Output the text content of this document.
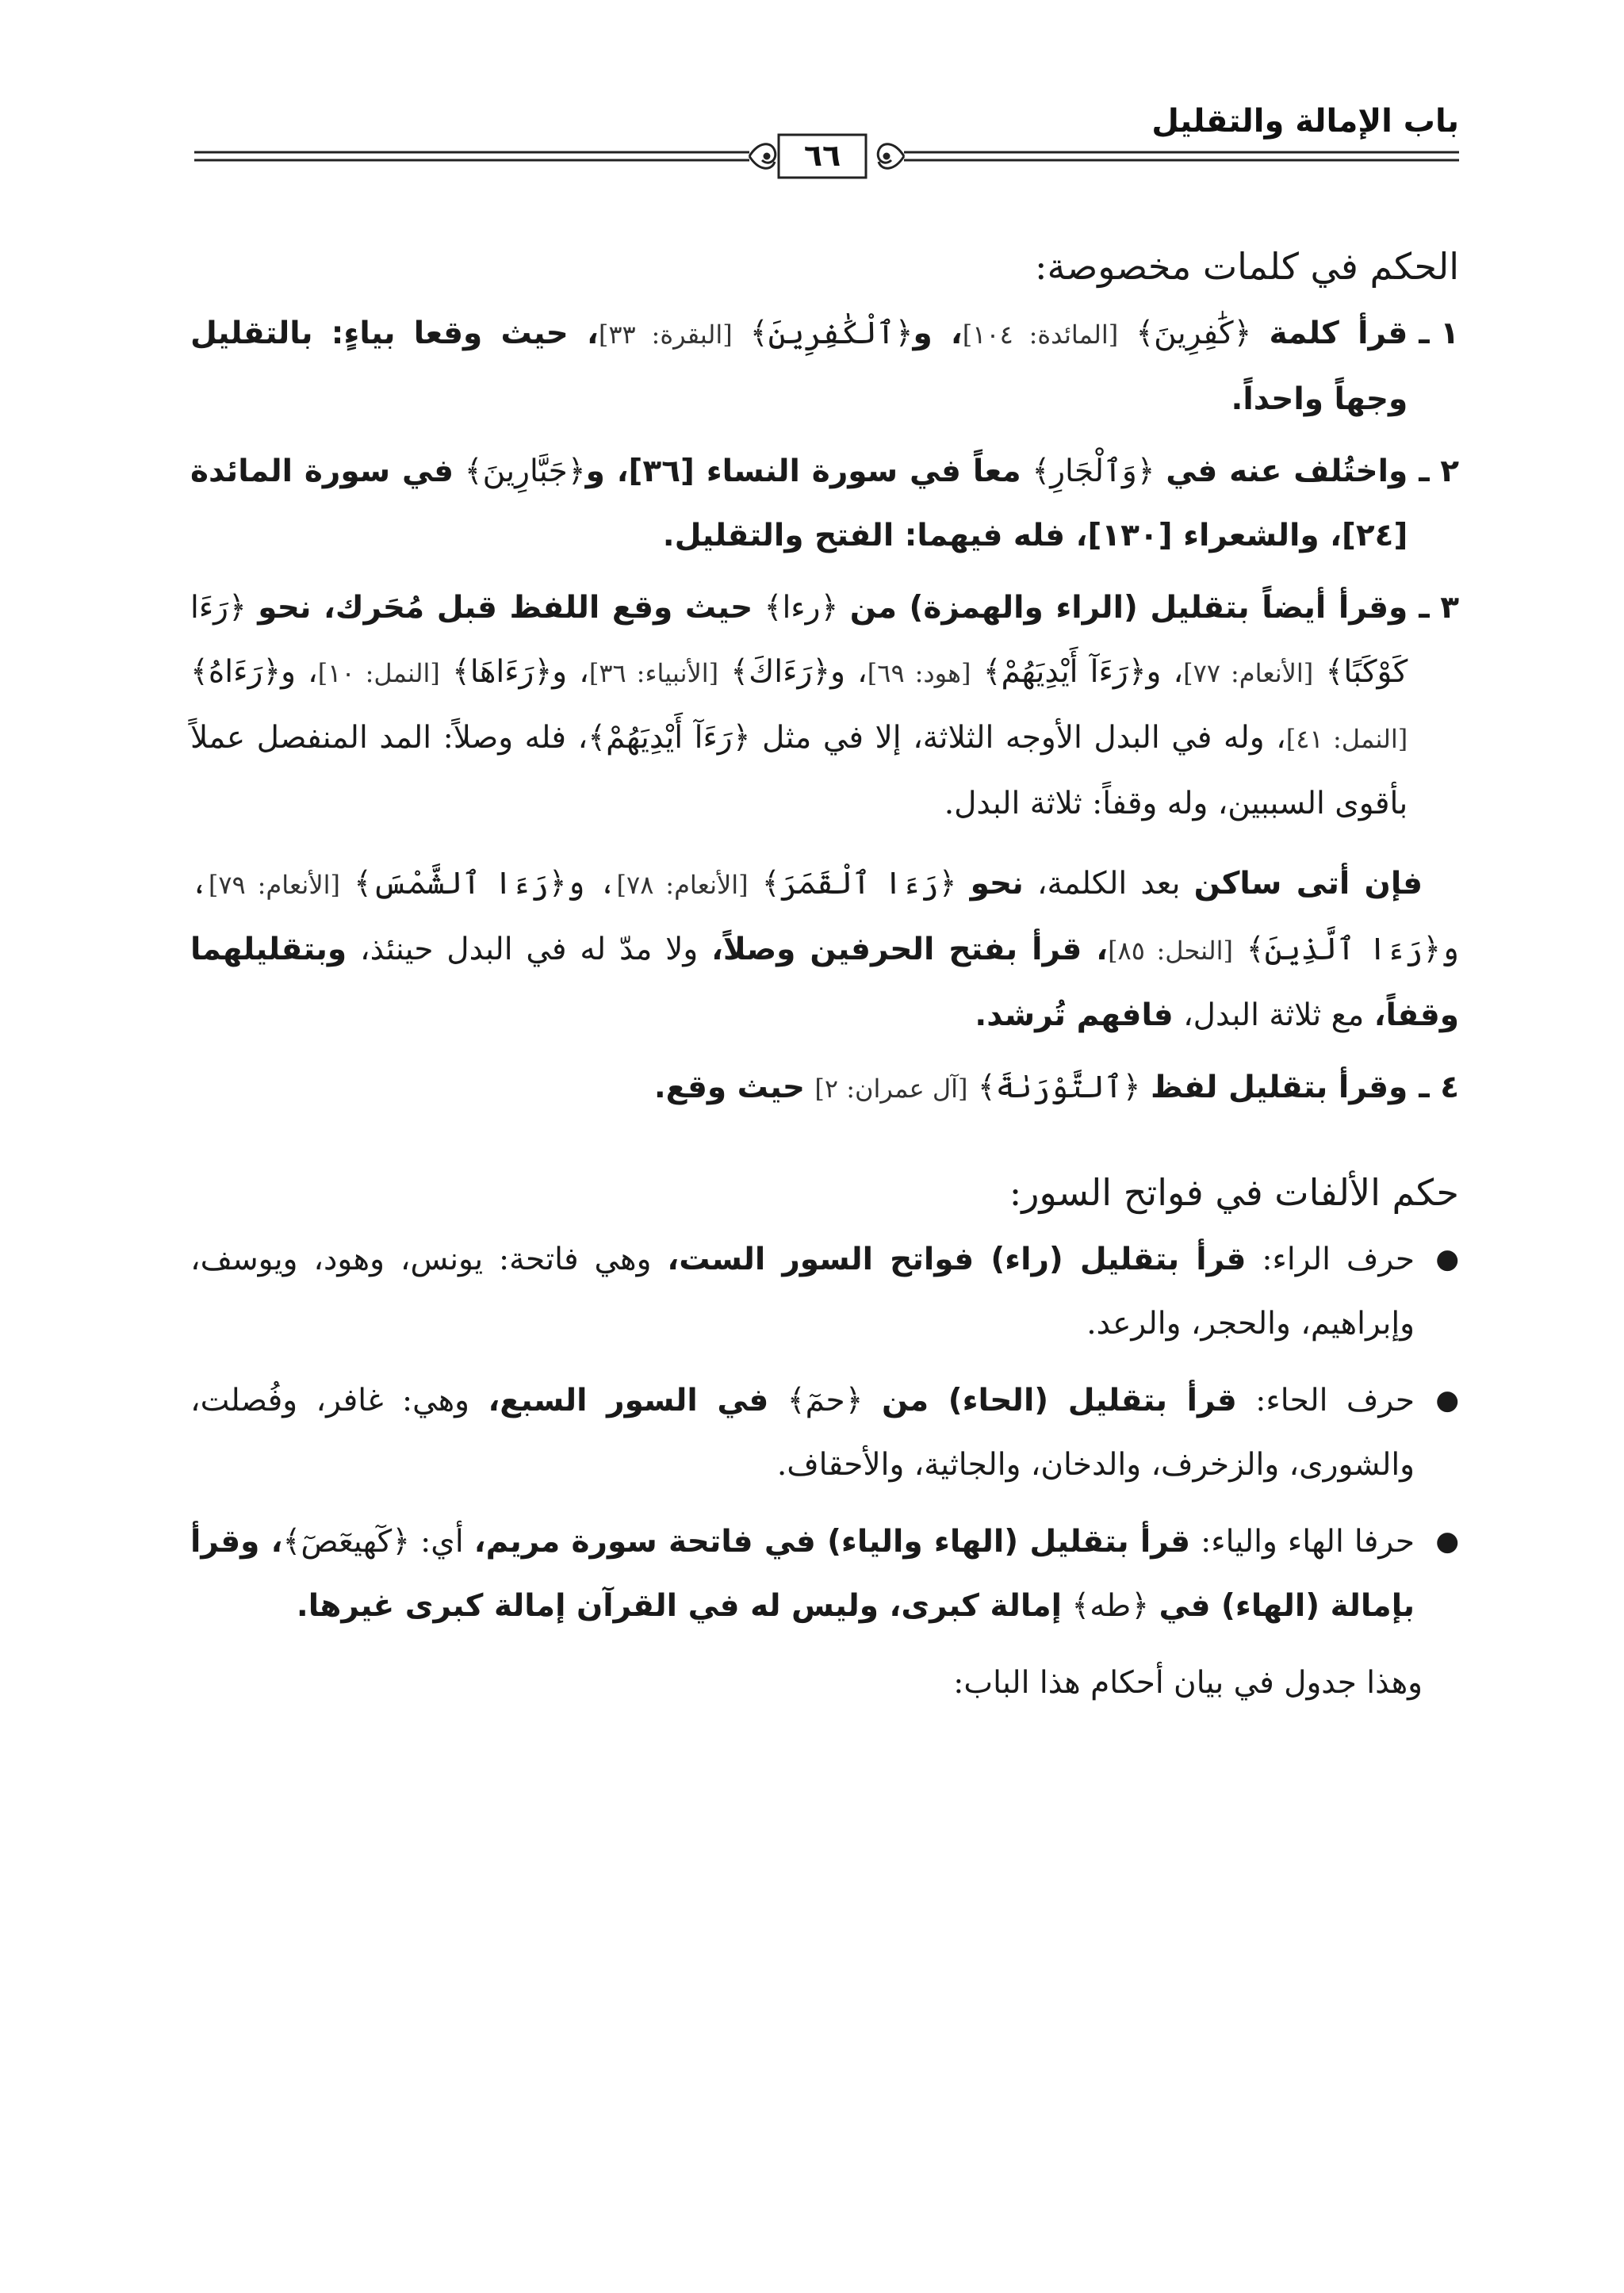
باب الإمالة والتقليل
٦٦
الحكم في كلمات مخصوصة:
١ ـ
قرأ كلمة ﴿كَٰفِرِينَ﴾ [المائدة: ١٠٤]، و﴿ٱلْكَٰفِرِينَ﴾ [البقرة: ٣٣]، حيث وقعا بياءٍ: بالتقليل وجهاً واحداً.
٢ ـ
واختُلف عنه في ﴿وَٱلْجَارِ﴾ معاً في سورة النساء [٣٦]، و﴿جَبَّارِينَ﴾ في سورة المائدة [٢٤]، والشعراء [١٣٠]، فله فيهما: الفتح والتقليل.
٣ ـ
وقرأ أيضاً بتقليل (الراء والهمزة) من ﴿رءا﴾ حيث وقع اللفظ قبل مُحَرك، نحو ﴿رَءَا كَوْكَبًا﴾ [الأنعام: ٧٧]، و﴿رَءَآ أَيْدِيَهُمْ﴾ [هود: ٦٩]، و﴿رَءَاكَ﴾ [الأنبياء: ٣٦]، و﴿رَءَاهَا﴾ [النمل: ١٠]، و﴿رَءَاهُ﴾ [النمل: ٤١]، وله في البدل الأوجه الثلاثة، إلا في مثل ﴿رَءَآ أَيْدِيَهُمْ﴾، فله وصلاً: المد المنفصل عملاً بأقوى السببين، وله وقفاً: ثلاثة البدل.
فإن أتى ساكن بعد الكلمة، نحو ﴿رَءَا ٱلْقَمَرَ﴾ [الأنعام: ٧٨]، و﴿رَءَا ٱلشَّمْسَ﴾ [الأنعام: ٧٩]، و﴿رَءَا ٱلَّذِينَ﴾ [النحل: ٨٥]، قرأ بفتح الحرفين وصلاً، ولا مدّ له في البدل حينئذ، وبتقليلهما وقفاً، مع ثلاثة البدل، فافهم تُرشد.
٤ ـ
وقرأ بتقليل لفظ ﴿ٱلتَّوْرَىٰةَ﴾ [آل عمران: ٢] حيث وقع.
حكم الألفات في فواتح السور:
●
حرف الراء: قرأ بتقليل (راء) فواتح السور الست، وهي فاتحة: يونس، وهود، ويوسف، وإبراهيم، والحجر، والرعد.
●
حرف الحاء: قرأ بتقليل (الحاء) من ﴿حمٓ﴾ في السور السبع، وهي: غافر، وفُصلت، والشورى، والزخرف، والدخان، والجاثية، والأحقاف.
●
حرفا الهاء والياء: قرأ بتقليل (الهاء والياء) في فاتحة سورة مريم، أي: ﴿كٓهيعٓصٓ﴾، وقرأ بإمالة (الهاء) في ﴿طه﴾ إمالة كبرى، وليس له في القرآن إمالة كبرى غيرها.
وهذا جدول في بيان أحكام هذا الباب:
